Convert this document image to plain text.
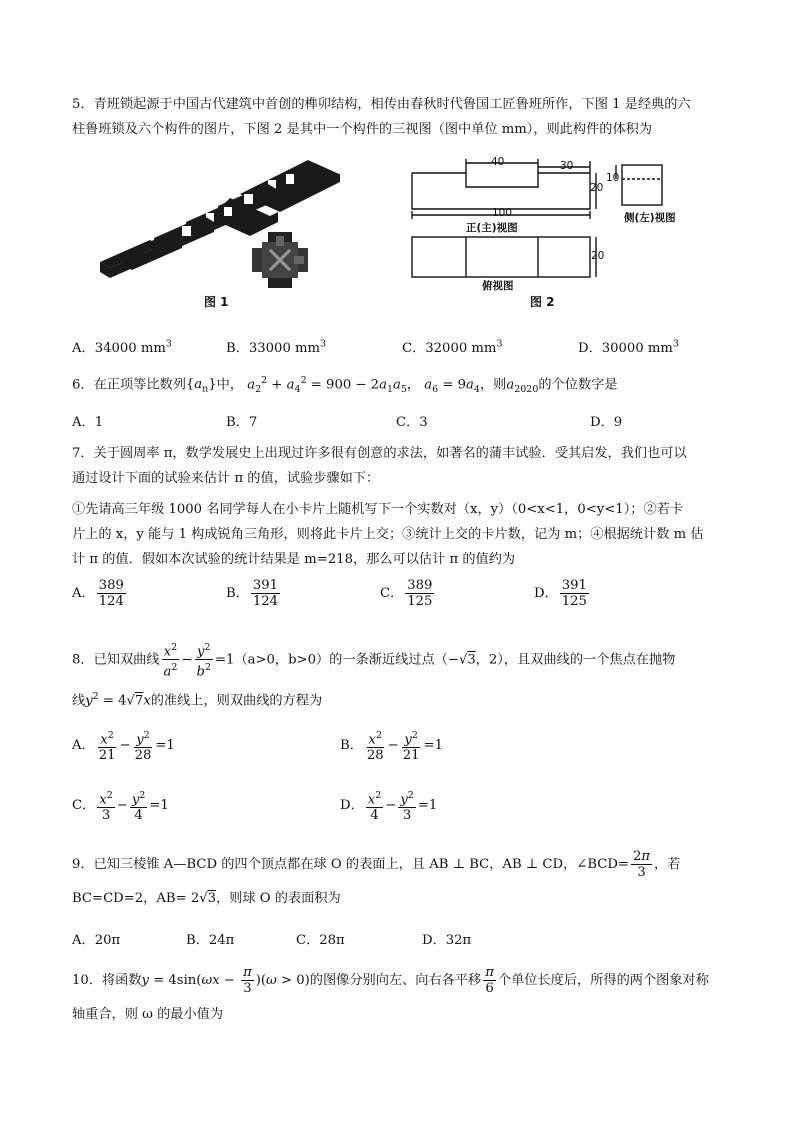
5．青班锁起源于中国古代建筑中首创的榫卯结构，相传由春秋时代鲁国工匠鲁班所作，下图 1 是经典的六
柱鲁班锁及六个构件的图片，下图 2 是其中一个构件的三视图（图中单位 mm），则此构件的体积为
图 1
40	30
20
100
10
20
正(主)视图
侧(左)视图
俯视图
图 2
A．34000 $mm^3$	B．33000 $mm^3$	C．32000 $mm^3$	D．30000 $mm^3$
6．在正项等比数列$\{a_n\}$中， $a_2^2 + a_4^2 = 900 - 2a_1a_5$， $a_6 = 9a_4$，则$a_{2020}$的个位数字是
A．1	B．7	C．3	D．9
7．关于圆周率 π，数学发展史上出现过许多很有创意的求法，如著名的蒲丰试验．受其启发，我们也可以
通过设计下面的试验来估计 π 的值，试验步骤如下：
①先请高三年级 1000 名同学每人在小卡片上随机写下一个实数对（x，y）（0<x<1，0<y<1）；②若卡
片上的 x，y 能与 1 构成锐角三角形，则将此卡片上交；③统计上交的卡片数，记为 m；④根据统计数 m 估
计 π 的值．假如本次试验的统计结果是 m=218，那么可以估计 π 的值约为
A． $\frac{389}{124}$	B． $\frac{391}{124}$	C． $\frac{389}{125}$	D． $\frac{391}{125}$
8．已知双曲线 $\frac{x^2}{a^2} - \frac{y^2}{b^2} =1(a>0$，b>0）的一条渐近线过点（−√3，2），且双曲线的一个焦点在抛物
线$y^2 = 4√7x$的准线上，则双曲线的方程为
A． $\frac{x^2}{21} - \frac{y^2}{28} =1$	B． $\frac{x^2}{28} - \frac{y^2}{21} =1$
C． $\frac{x^2}{3} - \frac{y^2}{4} =1$	D． $\frac{x^2}{4} - \frac{y^2}{3} =1$
9．已知三棱锥 A—BCD 的四个顶点都在球 O 的表面上，且 AB ⊥ BC，AB ⊥ CD，∠BCD= $\frac{2\pi}{3}$ ，若
BC=CD=2，AB= 2√3，则球 O 的表面积为
A．20π	B．24π	C．28π	D．32π
10．将函数$y = 4\sin(\omega x - \frac{\pi}{3} )(\omega > 0)$的图像分别向左、向右各平移 $\frac{\pi}{6}$ 个单位长度后，所得的两个图象对称
轴重合，则 ω 的最小值为
